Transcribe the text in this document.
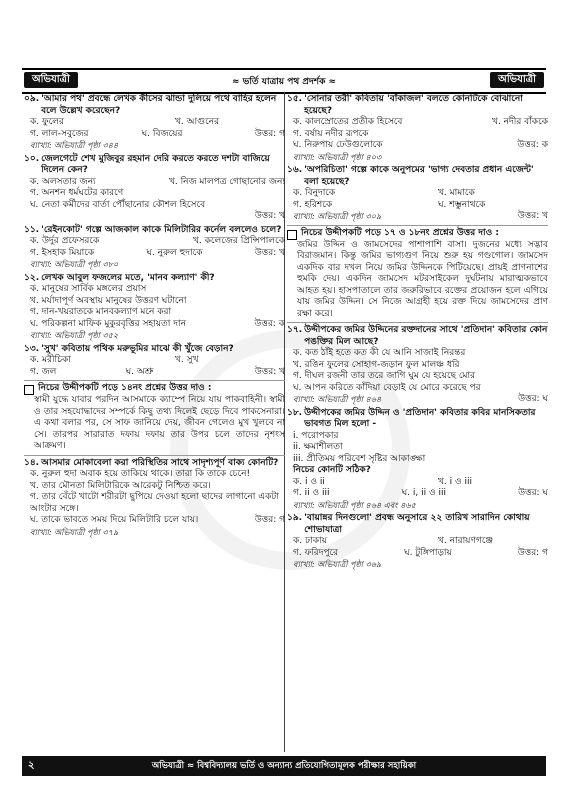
অভিযাত্রী	≈ ভর্তি যাত্রায় পথ প্রদর্শক ≈	অভিযাত্রী
০৯. 'আমার পথ' প্রবন্ধে লেখক কীসের ঝান্ডা দুলিয়ে পথে বাহির হলেন বলে উল্লেখ করেছেন?
ক. ফুলের	খ. আগুনের
গ. লাল-সবুজের	ঘ. বিজয়ের	উত্তর: গ
ব্যাখ্যা: অভিযাত্রী পৃষ্ঠা ৩৪৪
১০. জেলগেটে শেখ মুজিবুর রহমান দেরি করতে করতে দশটা বাজিয়ে দিলেন কেন?
ক. অলসতার জন্য	খ. নিজ মালপত্র গোছানোর জন্য
গ. অনশন ধর্মঘটের কারণে
ঘ. নেতা কর্মীদের বার্তা পৌঁছানোর কৌশল হিসেবে
উত্তর: খ
১১. 'রেইনকোট' গল্পে আজকাল কাকে মিলিটারির কর্নেল বললেও চলে?
ক. উর্দুর প্রফেসরকে	খ. কলেজের প্রিন্সিপালকে
গ. ইসহাক মিয়াকে	ঘ. নুরুল হুদাকে	উত্তর: খ
ব্যাখ্যা: অভিযাত্রী পৃষ্ঠা ৩৮০
১২. লেখক আবুল ফজলের মতে, 'মানব কল্যাণ' কী?
ক. মানুষের সার্বিক মঙ্গলের প্রয়াস
খ. মর্যাদাপূর্ণ অবস্থায় মানুষের উত্তরণ ঘটানো
গ. দান-খয়রাতকে মানবকল্যাণ মনে করা
ঘ. পরিকল্পনা মাফিক মুকুরবৃত্তির সহায়তা দান	উত্তর: ক
ব্যাখ্যা: অভিযাত্রী পৃষ্ঠা ৩৫২
১৩. 'সুখ' কবিতায় পথিক মরুভূমির মাঝে কী খুঁজে বেড়ান?
ক. মরীচিকা	খ. সুখ
গ. জল	ঘ. অশ্রু	উত্তর: খ
নিচের উদ্দীপকটি পড়ে ১৪নং প্রশ্নের উত্তর দাও :
স্বামী যুদ্ধে যাবার পরদিন আসমাকে ক্যাম্পে নিয়ে যায় পাকবাহিনী। স্বামী ও তার সহযোদ্ধাদের সম্পর্কে কিছু তথ্য দিলেই ছেড়ে দিবে পাকসেনারা। এ কথা বলার পর, সে সাফ জানিয়ে দেয়, জীবন গেলেও মুখ খুলবে না সে। তারপর সারারাত দফায় দফায় তার উপর চলে তাদের নৃশংস আক্রমণ।
১৪. আসমার মোকাবেলা করা পরিস্থিতির সাথে সাদৃশ্যপূর্ণ বাক্য কোনটি?
ক. নুরুল হুদা অবাক হয়ে তাকিয়ে থাকে। তারা কি তাকে চেনে!
খ. তার মৌনতা মিলিটারিকে আরেকটু নিশ্চিত করে।
গ. তার বেঁটে খাটো শরীরটা ছুপিয়ে দেওয়া হলো ছাদের লাগানো একটা আংটার সঙ্গে।
ঘ. তাকে ভাবতে সময় দিয়ে মিলিটারি চলে যায়।	উত্তর: গ
ব্যাখ্যা: অভিযাত্রী পৃষ্ঠা ৩৭৯
১৫. 'সোনার তরী' কবিতায় 'বাঁকাজল' বলতে কোনটিকে বোঝানো হয়েছে?
ক. কালস্রোতের প্রতীক হিসেবে	খ. নদীর বাঁককে
গ. বর্ষায় নদীর রূপকে
ঘ. নিরুপায় ঢেউগুলোকে	উত্তর: ক
ব্যাখ্যা: অভিযাত্রী পৃষ্ঠা ৪০৩
১৬. 'অপরিচিতা' গল্পে কাকে অনুপমের 'ভাগ্য দেবতার প্রধান এজেন্ট' বলা হয়েছে?
ক. বিনুদাকে	খ. মামাকে
গ. হরিশকে	ঘ. শম্ভুনাথকে
ব্যাখ্যা: অভিযাত্রী পৃষ্ঠা ৩০৯	উত্তর: খ
নিচের উদ্দীপকটি পড়ে ১৭ ও ১৮নং প্রশ্নের উত্তর দাও :
জমির উদ্দিন ও জামসেদের পাশাপাশি বাসা। দুজনের মধ্যে সদ্ভাব বিরাজমান। কিন্তু জমির ভাগ্যগুণ নিয়ে শুরু হয় গণ্ডগোল। জামসেদ একদিক বার দখল নিয়ে জমির উদ্দিনকে পিটিয়েছে। প্রায়ই প্রাণনাশের হুমকি দেয়। একদিন জামসেদ মটরসাইকেল দুর্ঘটনায় মারাত্মকভাবে আহত হয়। হাসপাতালে তার জরুরিভাবে রক্তের প্রয়োজন হলে এগিয়ে যায় জমির উদ্দিন। সে নিজে আগ্রহী হয়ে রক্ত দিয়ে জামসেদের প্রাণ রক্ষা করে।
১৭. উদ্দীপকের জমির উদ্দিনের রক্তদানের সাথে 'প্রতিদান' কবিতার কোন পঙক্তির মিল আছে?
ক. কত ঠাঁই হতে কত কী যে আনি সাজাই নিরন্তর
খ. রঙিন ফুলের সোহাগ-জড়ান ফুল মালঞ্চ ধরি
গ. দীঘল রজনী তার তরে জাগি ঘুম যে হয়েছে মোর
ঘ. আপন করিতে কাঁদিয়া বেড়াই যে মোরে করেছে পর
ব্যাখ্যা: অভিযাত্রী পৃষ্ঠা ৪৬৪	উত্তর: ঘ
১৮. উদ্দীপকের জমির উদ্দিন ও 'প্রতিদান' কবিতার কবির মানসিকতার ভাবগত মিল হলো -
i. পরোপকার
ii. ক্ষমাশীলতা
iii. প্রীতিময় পরিবেশ সৃষ্টির আকাঙ্ক্ষা
নিচের কোনটি সঠিক?
ক. i ও ii	খ. i ও iii
গ. ii ও iii	ঘ. i, ii ও iii	উত্তর: ঘ
ব্যাখ্যা: অভিযাত্রী পৃষ্ঠা ৪৬৪ এবং ৪৬৫
১৯. 'বায়ান্নর দিনগুলো' প্রবন্ধ অনুসারে ২২ তারিখ সারাদিন কোথায় শোভাযাত্রা
ক. ঢাকায়	খ. নারায়ণগঞ্জে
গ. ফরিদপুরে	ঘ. টুঙ্গিপাড়ায়	উত্তর: গ
ব্যাখ্যা: অভিযাত্রী পৃষ্ঠা ৩৬৯
২	অভিযাত্রী ≈ বিশ্ববিদ্যালয় ভর্তি ও অন্যান্য প্রতিযোগিতামূলক পরীক্ষার সহায়িকা
